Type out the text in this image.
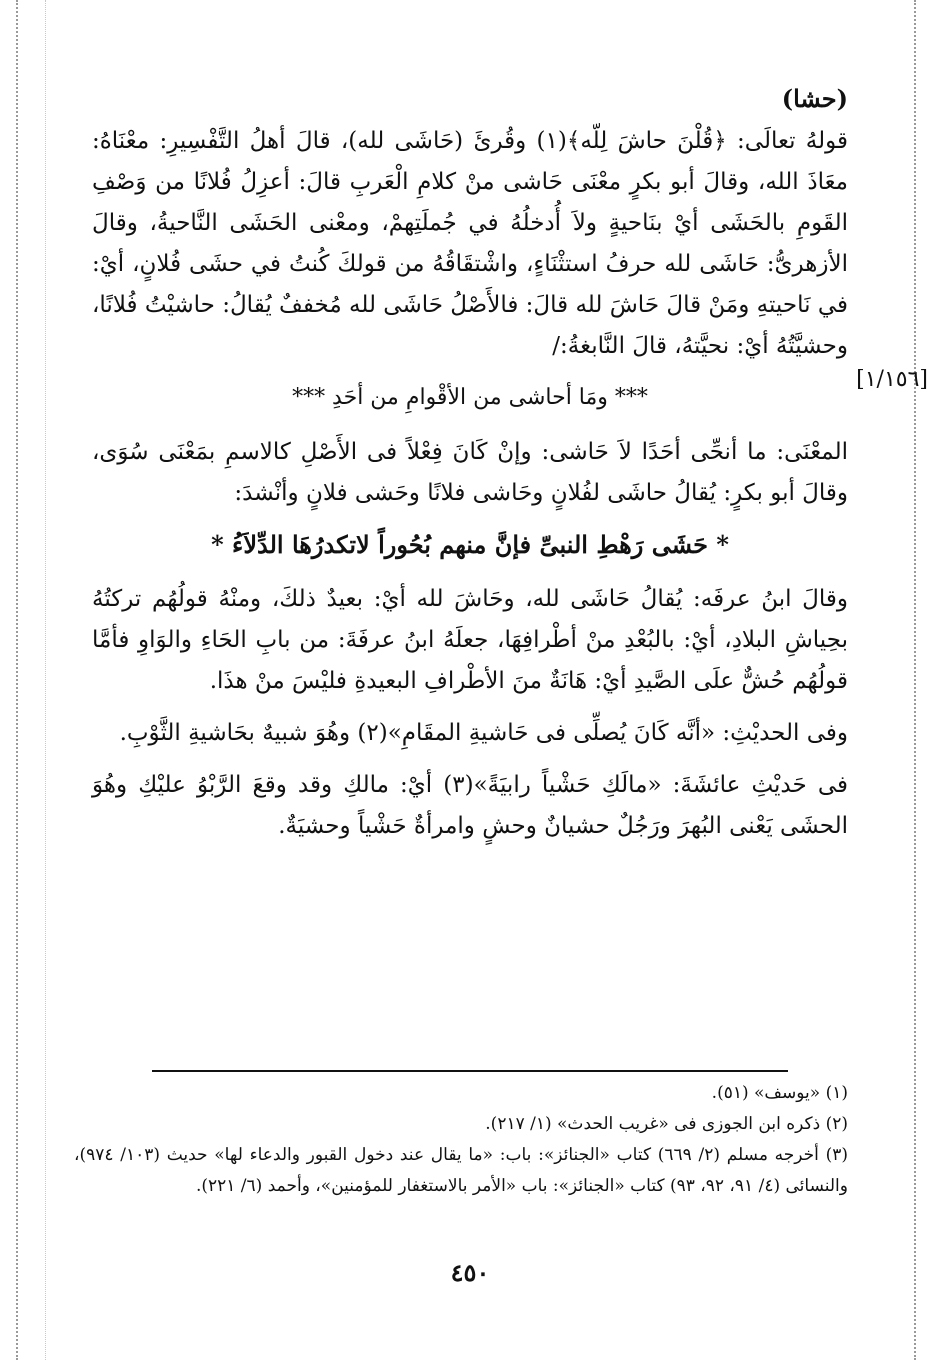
(حشا)

قولهُ تعالَى: ﴿قُلْنَ حاشَ لِلّه﴾(١) وقُرئَ (حَاشَى لله)، قالَ أهلُ التَّفْسِيرِ: معْنَاهُ: معَاذَ الله، وقالَ أبو بكرٍ معْنَى حَاشى منْ كلامِ الْعَربِ قالَ: أعزِلُ فُلانًا من وَصْفِ القَومِ بالحَشَى أيْ بنَاحيةٍ ولاَ أُدخلُهُ في جُملَتِهمْ، ومعْنى الحَشَى النَّاحيةُ، وقالَ الأزهرىُّ: حَاشَى لله حرفُ استثْنَاءٍ، واشْتقَاقُهُ من قولكَ كُنتُ في حشَى فُلانٍ، أيْ: في نَاحيتهِ ومَنْ قالَ حَاشَ لله قالَ: فالأَصْلُ حَاشَى لله مُخففٌ يُقالُ: حاشيْتُ فُلانًا، وحشيَّتُهُ أيْ: نحيَّتهُ، قالَ النَّابغةُ:/

[١/١٥٦]

*** ومَا أحاشى من الأقْوامِ من أحَدِ ***

المعْنَى: ما أنحِّى أحَدًا لاَ حَاشى: وإنْ كَانَ فِعْلاً فى الأَصْلِ كالاسمِ بمَعْنَى سُوَى، وقالَ أبو بكرٍ: يُقالُ حاشَى لفُلانٍ وحَاشى فلانًا وحَشى فلانٍ وأنْشدَ:

* حَشَى رَهْطِ النبىِّ فإنَّ منهم بُحُوراً لاتكدرُهَا الدِّلاَءُ *

وقالَ ابنُ عرفَه: يُقالُ حَاشَى لله، وحَاشَ لله أيْ: بعيدٌ ذلكَ، ومنْهُ قولُهُم تركتُهُ بحِياشِ البلادِ، أيْ: بالبُعْدِ منْ أطْرافِهَا، جعلَهُ ابنُ عرفَةَ: من بابِ الحَاءِ والوَاوِ فأمَّا قولُهُم حُشٌّ علَى الصَّيدِ أيْ: هَانَةٌ منَ الأطْرافِ البعيدةِ فليْسَ منْ هذَا.

وفى الحديْثِ: «أنَّه كَانَ يُصلِّى فى حَاشيةِ المقَامِ»(٢) وهُوَ شبيهٌ بحَاشيةِ الثَّوْبِ.

فى حَديْثِ عائشَةَ: «مالَكِ حَشْياً رابيَةً»(٣) أيْ: مالكِ وقد وقعَ الرَّبْوُ عليْكِ وهُوَ الحشَى يَعْنى البُهرَ ورَجُلٌ حشيانٌ وحشٍ وامرأةٌ حَشْياً وحشيَةٌ.

(١) «يوسف» (٥١).

(٢) ذكره ابن الجوزى فى «غريب الحدث» (١/ ٢١٧).

(٣) أخرجه مسلم (٢/ ٦٦٩) كتاب «الجنائز»: باب: «ما يقال عند دخول القبور والدعاء لها» حديث (١٠٣/ ٩٧٤)، والنسائى (٤/ ٩١، ٩٢، ٩٣) كتاب «الجنائز»: باب «الأمر بالاستغفار للمؤمنين»، وأحمد (٦/ ٢٢١).

٤٥٠
